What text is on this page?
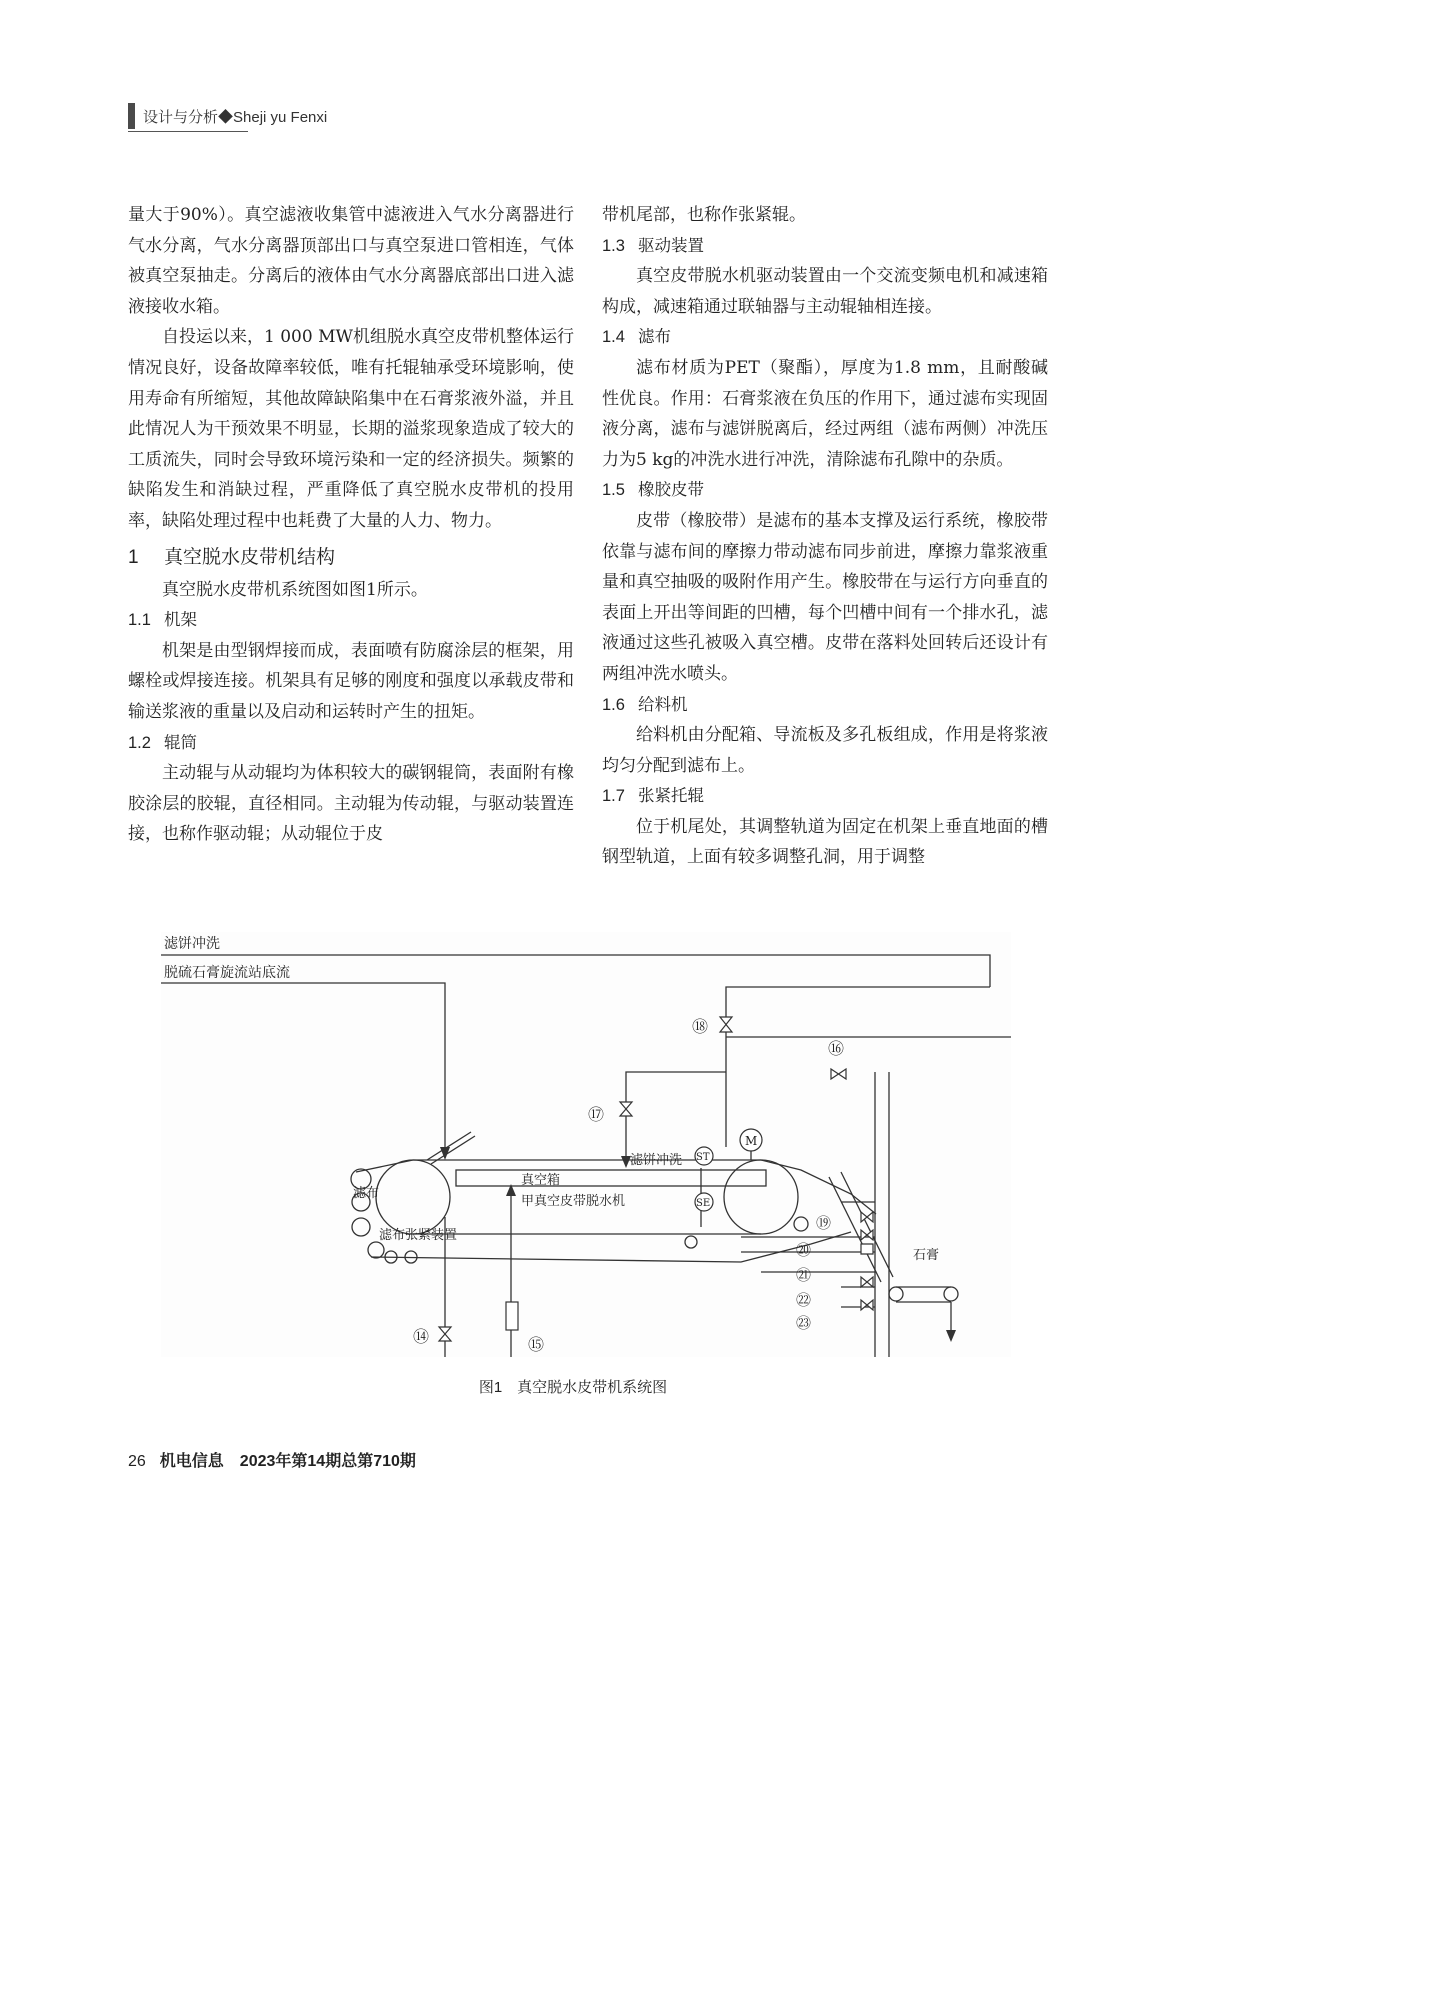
设计与分析◆Sheji yu Fenxi

量大于90%）。真空滤液收集管中滤液进入气水分离器进行气水分离，气水分离器顶部出口与真空泵进口管相连，气体被真空泵抽走。分离后的液体由气水分离器底部出口进入滤液接收水箱。

自投运以来，1 000 MW机组脱水真空皮带机整体运行情况良好，设备故障率较低，唯有托辊轴承受环境影响，使用寿命有所缩短，其他故障缺陷集中在石膏浆液外溢，并且此情况人为干预效果不明显，长期的溢浆现象造成了较大的工质流失，同时会导致环境污染和一定的经济损失。频繁的缺陷发生和消缺过程，严重降低了真空脱水皮带机的投用率，缺陷处理过程中也耗费了大量的人力、物力。

1 真空脱水皮带机结构

真空脱水皮带机系统图如图1所示。

1.1 机架

机架是由型钢焊接而成，表面喷有防腐涂层的框架，用螺栓或焊接连接。机架具有足够的刚度和强度以承载皮带和输送浆液的重量以及启动和运转时产生的扭矩。

1.2 辊筒

主动辊与从动辊均为体积较大的碳钢辊筒，表面附有橡胶涂层的胶辊，直径相同。主动辊为传动辊，与驱动装置连接，也称作驱动辊；从动辊位于皮

带机尾部，也称作张紧辊。

1.3 驱动装置

真空皮带脱水机驱动装置由一个交流变频电机和减速箱构成，减速箱通过联轴器与主动辊轴相连接。

1.4 滤布

滤布材质为PET（聚酯），厚度为1.8 mm，且耐酸碱性优良。作用：石膏浆液在负压的作用下，通过滤布实现固液分离，滤布与滤饼脱离后，经过两组（滤布两侧）冲洗压力为5 kg的冲洗水进行冲洗，清除滤布孔隙中的杂质。

1.5 橡胶皮带

皮带（橡胶带）是滤布的基本支撑及运行系统，橡胶带依靠与滤布间的摩擦力带动滤布同步前进，摩擦力靠浆液重量和真空抽吸的吸附作用产生。橡胶带在与运行方向垂直的表面上开出等间距的凹槽，每个凹槽中间有一个排水孔，滤液通过这些孔被吸入真空槽。皮带在落料处回转后还设计有两组冲洗水喷头。

1.6 给料机

给料机由分配箱、导流板及多孔板组成，作用是将浆液均匀分配到滤布上。

1.7 张紧托辊

位于机尾处，其调整轨道为固定在机架上垂直地面的槽钢型轨道，上面有较多调整孔洞，用于调整

滤饼冲洗
脱硫石膏旋流站底流
滤饼冲洗
真空箱
甲真空皮带脱水机
滤布
滤布张紧装置
石膏
M
ST
SE
⑱
⑯
⑰
⑭	⑮
⑲
⑳
㉑
㉒
㉓
图1　真空脱水皮带机系统图
26 机电信息　2023年第14期总第710期
